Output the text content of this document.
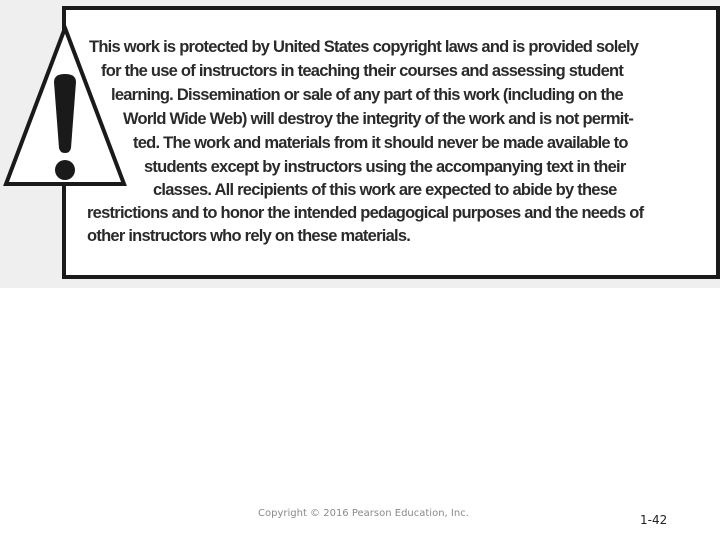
This work is protected by United States copyright laws and is provided solely
for the use of instructors in teaching their courses and assessing student
learning. Dissemination or sale of any part of this work (including on the
World Wide Web) will destroy the integrity of the work and is not permit-
ted. The work and materials from it should never be made available to
students except by instructors using the accompanying text in their
classes. All recipients of this work are expected to abide by these
restrictions and to honor the intended pedagogical purposes and the needs of
other instructors who rely on these materials.
Copyright © 2016 Pearson Education, Inc.	1-42
